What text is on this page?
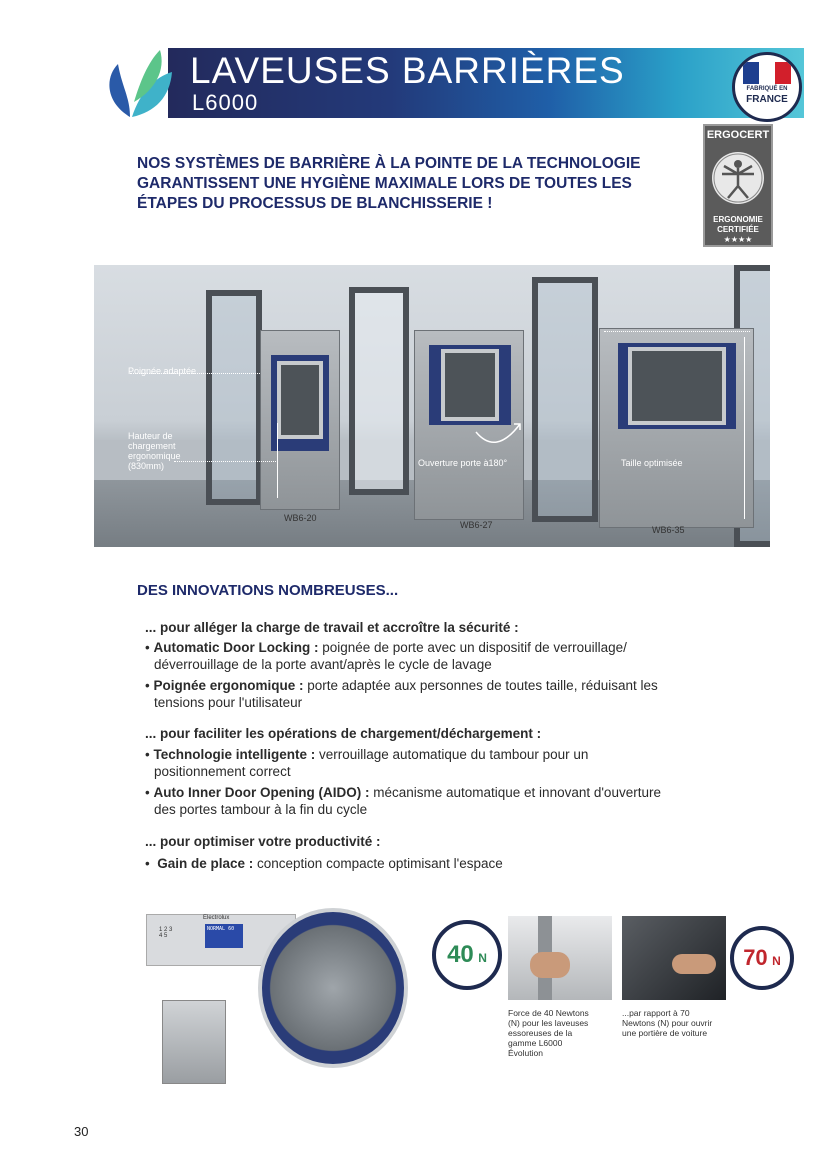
LAVEUSES BARRIÈRES
L6000
FABRIQUÉ EN
FRANCE
ERGOCERT
ERGONOMIE
CERTIFIÉE
★★★★
NOS SYSTÈMES DE BARRIÈRE À LA POINTE DE LA TECHNOLOGIE
GARANTISSENT UNE HYGIÈNE MAXIMALE LORS DE TOUTES LES
ÉTAPES DU PROCESSUS DE BLANCHISSERIE !
Poignée adaptée
Hauteur de
chargement
ergonomique
(830mm)	Ouverture porte à180°	Taille optimisée
WB6-20
WB6-27	WB6-35
DES INNOVATIONS NOMBREUSES...
... pour alléger la charge de travail et accroître la sécurité :
• Automatic Door Locking : poignée de porte avec un dispositif de verrouillage/
déverrouillage de la porte avant/après le cycle de lavage
• Poignée ergonomique : porte adaptée aux personnes de toutes taille, réduisant les
tensions pour l'utilisateur
... pour faciliter les opérations de chargement/déchargement :
• Technologie intelligente : verrouillage automatique du tambour pour un
positionnement correct
• Auto Inner Door Opening (AIDO) : mécanisme automatique et innovant d'ouverture
des portes tambour à la fin du cycle
... pour optimiser votre productivité :
•  Gain de place : conception compacte optimisant l'espace
Electrolux
NORMAL 60
1 2 3
4 5
40 N	70 N
Force de 40 Newtons
(N) pour les laveuses
essoreuses de la
gamme L6000
Évolution
...par rapport à 70
Newtons (N) pour ouvrir
une portière de voiture
30
